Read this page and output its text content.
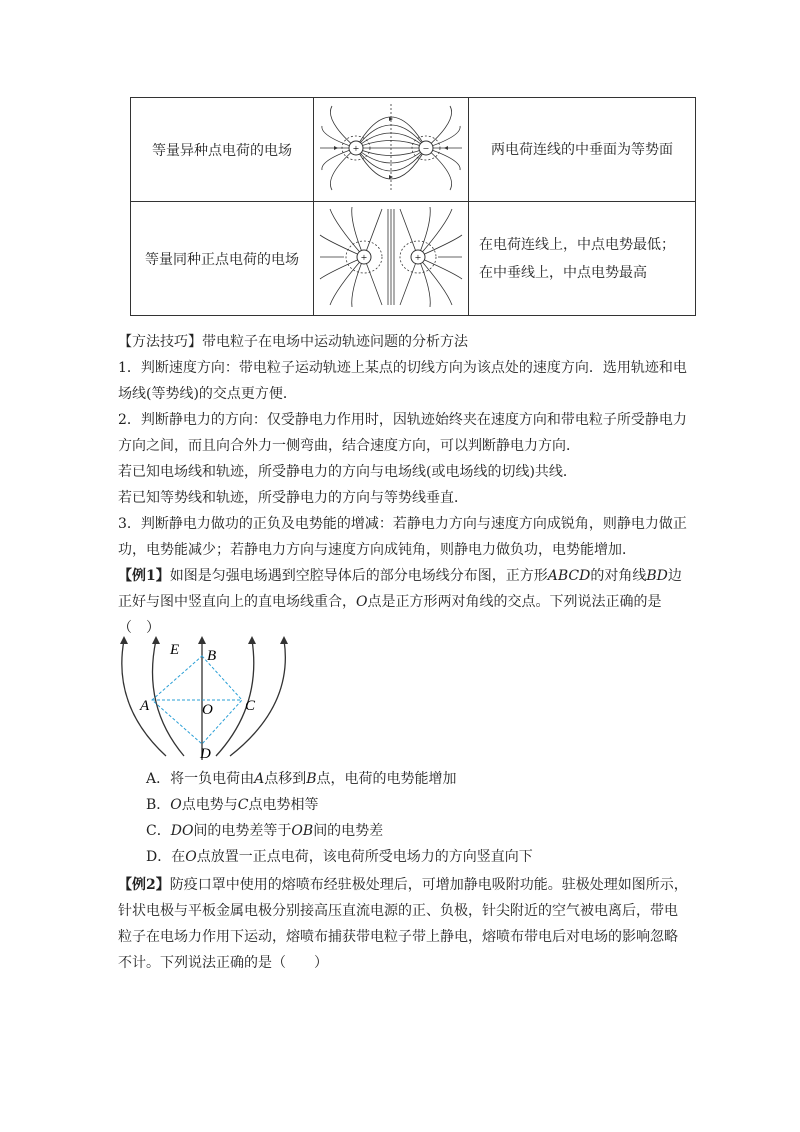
等量异种点电荷的电场	+ −	两电荷连线的中垂面为等势面
等量同种正点电荷的电场	+ +	在电荷连线上，中点电势最低；在中垂线上，中点电势最高

【方法技巧】带电粒子在电场中运动轨迹问题的分析方法

1．判断速度方向：带电粒子运动轨迹上某点的切线方向为该点处的速度方向．选用轨迹和电场线(等势线)的交点更方便．

2．判断静电力的方向：仅受静电力作用时，因轨迹始终夹在速度方向和带电粒子所受静电力方向之间，而且向合外力一侧弯曲，结合速度方向，可以判断静电力方向．

若已知电场线和轨迹，所受静电力的方向与电场线(或电场线的切线)共线．

若已知等势线和轨迹，所受静电力的方向与等势线垂直．

3．判断静电力做功的正负及电势能的增减：若静电力方向与速度方向成锐角，则静电力做正功，电势能减少；若静电力方向与速度方向成钝角，则静电力做负功，电势能增加．

【例1】如图是匀强电场遇到空腔导体后的部分电场线分布图，正方形ABCD的对角线BD边正好与图中竖直向上的直电场线重合，O点是正方形两对角线的交点。下列说法正确的是（　）

E B
A	O C
D

A．将一负电荷由A点移到B点，电荷的电势能增加

B．O点电势与C点电势相等

C．DO间的电势差等于OB间的电势差

D．在O点放置一正点电荷，该电荷所受电场力的方向竖直向下

【例2】防疫口罩中使用的熔喷布经驻极处理后，可增加静电吸附功能。驻极处理如图所示，针状电极与平板金属电极分别接高压直流电源的正、负极，针尖附近的空气被电离后，带电粒子在电场力作用下运动，熔喷布捕获带电粒子带上静电，熔喷布带电后对电场的影响忽略不计。下列说法正确的是（　　）
